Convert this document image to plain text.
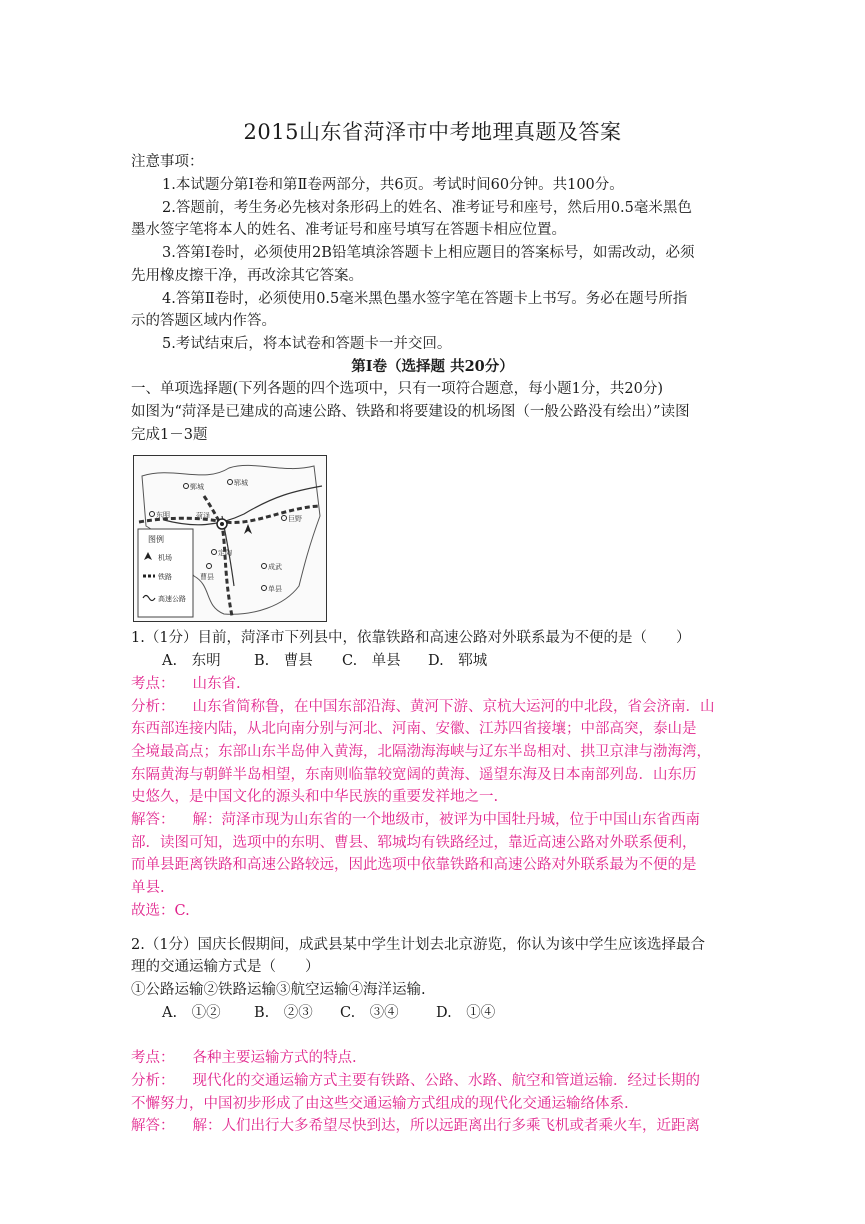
2015山东省菏泽市中考地理真题及答案
注意事项：
1.本试题分第Ⅰ卷和第Ⅱ卷两部分，共6页。考试时间60分钟。共100分。
2.答题前，考生务必先核对条形码上的姓名、准考证号和座号，然后用0.5毫米黑色
墨水签字笔将本人的姓名、准考证号和座号填写在答题卡相应位置。
3.答第Ⅰ卷时，必须使用2B铅笔填涂答题卡上相应题目的答案标号，如需改动，必须
先用橡皮擦干净，再改涂其它答案。
4.答第Ⅱ卷时，必须使用0.5毫米黑色墨水签字笔在答题卡上书写。务必在题号所指
示的答题区域内作答。
5.考试结束后，将本试卷和答题卡一并交回。
第Ⅰ卷（选择题 共20分）
一、单项选择题(下列各题的四个选项中，只有一项符合题意，每小题1分，共20分)
如图为“菏泽是已建成的高速公路、铁路和将要建设的机场图（一般公路没有绘出）”读图
完成1－3题
郓城
鄄城
东明	菏泽	巨野
定陶
曹县
成武
单县
图例
机场
铁路
高速公路
1.（1分）目前，菏泽市下列县中，依靠铁路和高速公路对外联系最为不便的是（　　）
A.　东明 B.　曹县 C.　单县 D.　郓城
考点： 山东省.
分析： 山东省简称鲁，在中国东部沿海、黄河下游、京杭大运河的中北段，省会济南．山
东西部连接内陆，从北向南分别与河北、河南、安徽、江苏四省接壤；中部高突，泰山是
全境最高点；东部山东半岛伸入黄海，北隔渤海海峡与辽东半岛相对、拱卫京津与渤海湾，
东隔黄海与朝鲜半岛相望，东南则临靠较宽阔的黄海、遥望东海及日本南部列岛．山东历
史悠久，是中国文化的源头和中华民族的重要发祥地之一.
解答： 解：菏泽市现为山东省的一个地级市，被评为中国牡丹城，位于中国山东省西南
部．读图可知，选项中的东明、曹县、郓城均有铁路经过，靠近高速公路对外联系便利，
而单县距离铁路和高速公路较远，因此选项中依靠铁路和高速公路对外联系最为不便的是
单县.
故选：C.
2.（1分）国庆长假期间，成武县某中学生计划去北京游览，你认为该中学生应该选择最合
理的交通运输方式是（　　）
①公路运输②铁路运输③航空运输④海洋运输.
A.　①② B.　②③ C.　③④	D.　①④
考点： 各种主要运输方式的特点.
分析： 现代化的交通运输方式主要有铁路、公路、水路、航空和管道运输．经过长期的
不懈努力，中国初步形成了由这些交通运输方式组成的现代化交通运输络体系.
解答： 解：人们出行大多希望尽快到达，所以远距离出行多乘飞机或者乘火车，近距离
